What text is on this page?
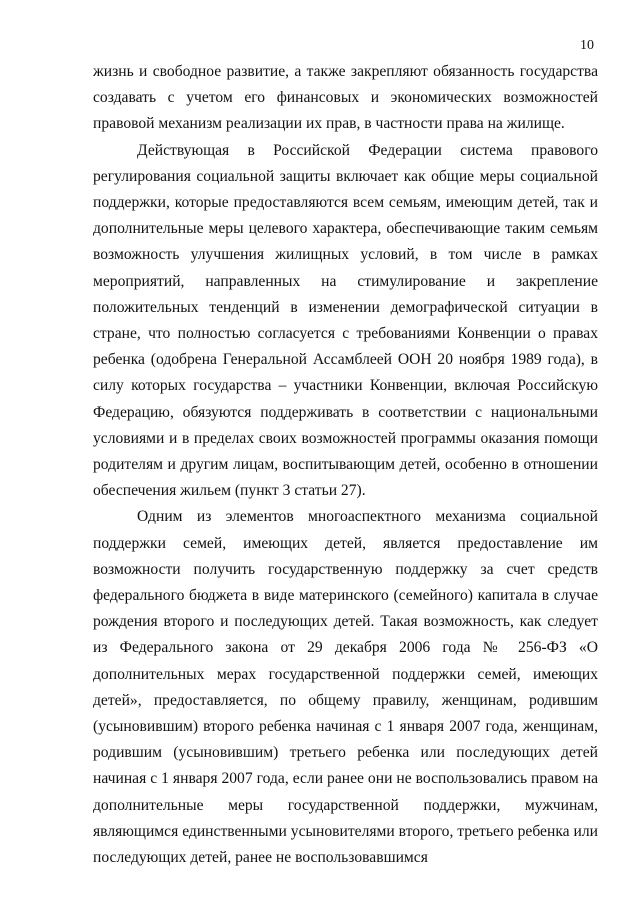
10

жизнь и свободное развитие, а также закрепляют обязанность государства создавать с учетом его финансовых и экономических возможностей правовой механизм реализации их прав, в частности права на жилище.

Действующая в Российской Федерации система правового регулирования социальной защиты включает как общие меры социальной поддержки, которые предоставляются всем семьям, имеющим детей, так и дополнительные меры целевого характера, обеспечивающие таким семьям возможность улучшения жилищных условий, в том числе в рамках мероприятий, направленных на стимулирование и закрепление положительных тенденций в изменении демографической ситуации в стране, что полностью согласуется с требованиями Конвенции о правах ребенка (одобрена Генеральной Ассамблеей ООН 20 ноября 1989 года), в силу которых государства – участники Конвенции, включая Российскую Федерацию, обязуются поддерживать в соответствии с национальными условиями и в пределах своих возможностей программы оказания помощи родителям и другим лицам, воспитывающим детей, особенно в отношении обеспечения жильем (пункт 3 статьи 27).

Одним из элементов многоаспектного механизма социальной поддержки семей, имеющих детей, является предоставление им возможности получить государственную поддержку за счет средств федерального бюджета в виде материнского (семейного) капитала в случае рождения второго и последующих детей. Такая возможность, как следует из Федерального закона от 29 декабря 2006 года № 256-ФЗ «О дополнительных мерах государственной поддержки семей, имеющих детей», предоставляется, по общему правилу, женщинам, родившим (усыновившим) второго ребенка начиная с 1 января 2007 года, женщинам, родившим (усыновившим) третьего ребенка или последующих детей начиная с 1 января 2007 года, если ранее они не воспользовались правом на дополнительные меры государственной поддержки, мужчинам, являющимся единственными усыновителями второго, третьего ребенка или последующих детей, ранее не воспользовавшимся
